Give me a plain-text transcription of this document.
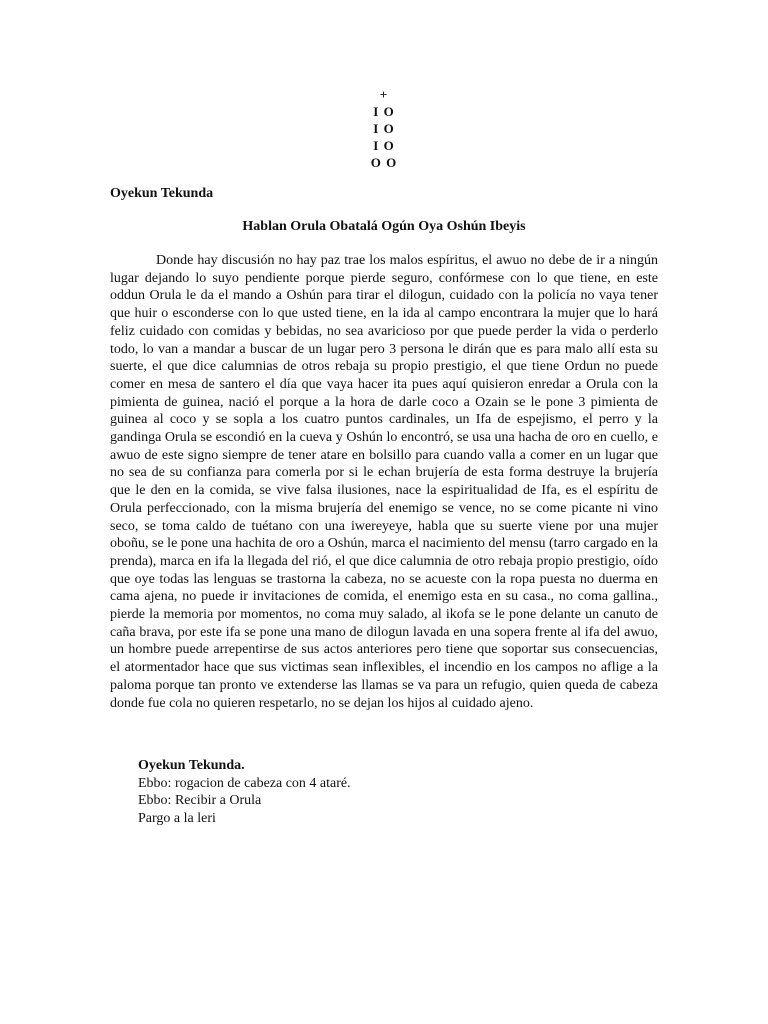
+
I O
I O
I O
O O
Oyekun Tekunda
Hablan Orula Obatalá Ogún Oya Oshún Ibeyis

Donde hay discusión no hay paz trae los malos espíritus, el awuo no debe de ir a ningún lugar dejando lo suyo pendiente porque pierde seguro, confórmese con lo que tiene, en este oddun Orula le da el mando a Oshún para tirar el dilogun, cuidado con la policía no vaya tener que huir o esconderse con lo que usted tiene, en la ida al campo encontrara la mujer que lo hará feliz cuidado con comidas y bebidas, no sea avaricioso por que puede perder la vida o perderlo todo, lo van a mandar a buscar de un lugar pero 3 persona le dirán que es para malo allí esta su suerte, el que dice calumnias de otros rebaja su propio prestigio, el que tiene Ordun no puede comer en mesa de santero el día que vaya hacer ita pues aquí quisieron enredar a Orula con la pimienta de guinea, nació el porque a la hora de darle coco a Ozain se le pone 3 pimienta de guinea al coco y se sopla a los cuatro puntos cardinales, un Ifa de espejismo, el perro y la gandinga Orula se escondió en la cueva y Oshún lo encontró, se usa una hacha de oro en cuello, e awuo de este signo siempre de tener atare en bolsillo para cuando valla a comer en un lugar que no sea de su confianza para comerla por si le echan brujería de esta forma destruye la brujería que le den en la comida, se vive falsa ilusiones, nace la espiritualidad de Ifa, es el espíritu de Orula perfeccionado, con la misma brujería del enemigo se vence, no se come picante ni vino seco, se toma caldo de tuétano con una iwereyeye, habla que su suerte viene por una mujer oboñu, se le pone una hachita de oro a Oshún, marca el nacimiento del mensu (tarro cargado en la prenda), marca en ifa la llegada del rió, el que dice calumnia de otro rebaja propio prestigio, oído que oye todas las lenguas se trastorna la cabeza, no se acueste con la ropa puesta no duerma en cama ajena, no puede ir invitaciones de comida, el enemigo esta en su casa., no coma gallina., pierde la memoria por momentos, no coma muy salado, al ikofa se le pone delante un canuto de caña brava, por este ifa se pone una mano de dilogun lavada en una sopera frente al ifa del awuo, un hombre puede arrepentirse de sus actos anteriores pero tiene que soportar sus consecuencias, el atormentador hace que sus victimas sean inflexibles, el incendio en los campos no aflige a la paloma porque tan pronto ve extenderse las llamas se va para un refugio, quien queda de cabeza donde fue cola no quieren respetarlo, no se dejan los hijos al cuidado ajeno.

Oyekun Tekunda.
Ebbo: rogacion de cabeza con 4 ataré.
Ebbo: Recibir a Orula
Pargo a la leri
